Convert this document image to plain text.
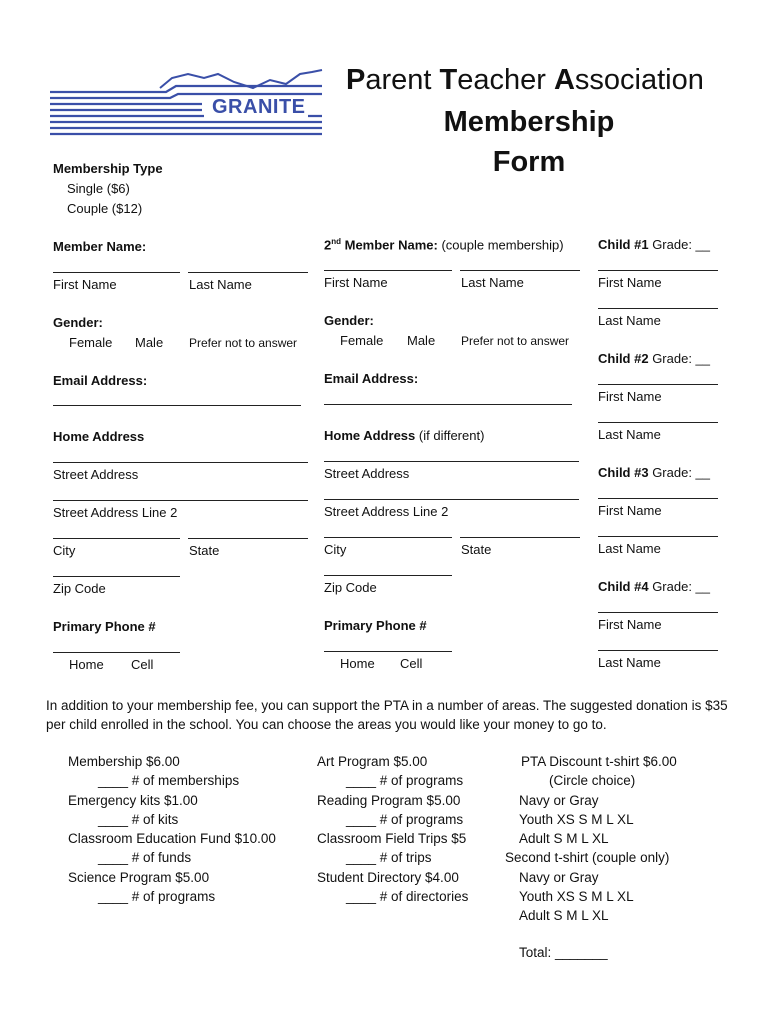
GRANITE
Parent Teacher Association
Membership
Form
Membership Type
Single ($6)
Couple ($12)
Member Name:
First Name	Last Name
Gender:
Female Male Prefer not to answer
Email Address:
Home Address
Street Address
Street Address Line 2
City	State
Zip Code
Primary Phone #
Home Cell
2nd Member Name: (couple membership)
First Name	Last Name
Gender:
Female Male Prefer not to answer
Email Address:
Home Address (if different)
Street Address
Street Address Line 2
City	State
Zip Code
Primary Phone #
Home Cell
Child #1 Grade: __
First Name
Last Name
Child #2 Grade: __
First Name
Last Name
Child #3 Grade: __
First Name
Last Name
Child #4 Grade: __
First Name
Last Name
In addition to your membership fee, you can support the PTA in a number of areas. The suggested donation is $35 per child enrolled in the school. You can choose the areas you would like your money to go to.
Membership $6.00
____ # of memberships
Emergency kits $1.00
____ # of kits
Classroom Education Fund $10.00
____ # of funds
Science Program $5.00
____ # of programs
Art Program $5.00
____ # of programs
Reading Program $5.00
____ # of programs
Classroom Field Trips $5
____ # of trips
Student Directory $4.00
____ # of directories
PTA Discount t-shirt $6.00
(Circle choice)
Navy or Gray
Youth XS S M L XL
Adult S M L XL
Second t-shirt (couple only)
Navy or Gray
Youth XS S M L XL
Adult S M L XL
Total: _______
